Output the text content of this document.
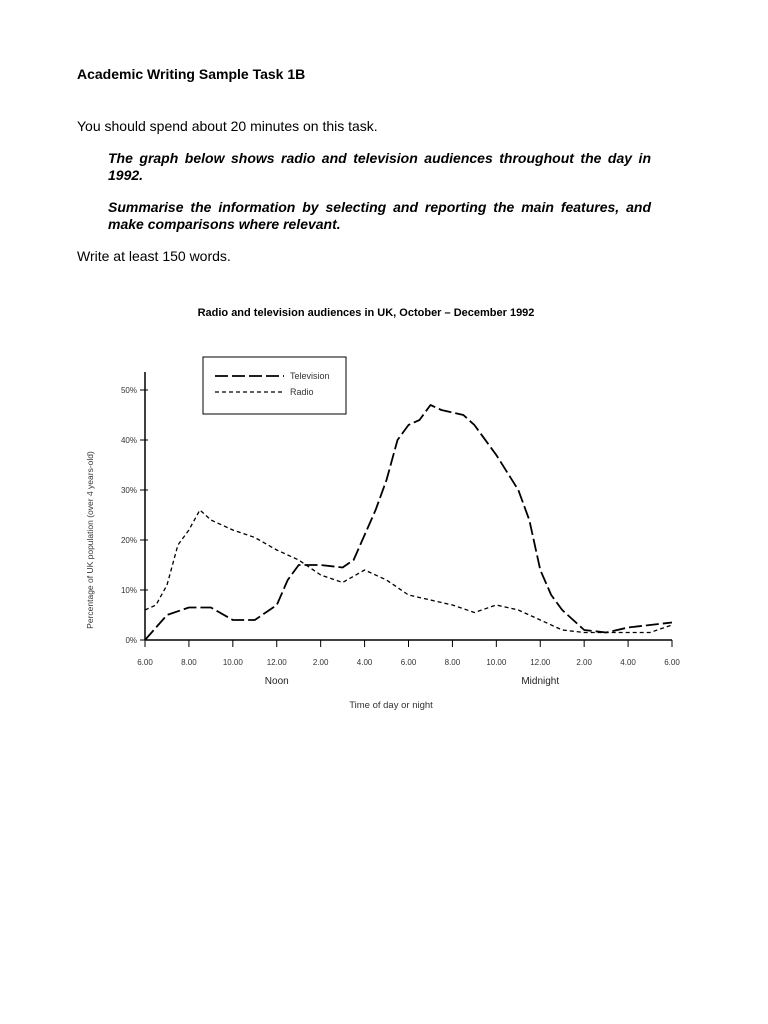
Academic Writing Sample Task 1B

You should spend about 20 minutes on this task.

The graph below shows radio and television audiences throughout the day in 1992.

Summarise the information by selecting and reporting the main features, and make comparisons where relevant.

Write at least 150 words.

Radio and television audiences in UK, October – December 1992
Television
Radio
0%
10%
20%
30%
40%
50%
6.00	8.00	10.00	12.00	2.00	4.00	6.00	8.00	10.00	12.00	2.00	4.00	6.00
Noon	Midnight
Percentage of UK population (over 4 years-old)
Time of day or night
